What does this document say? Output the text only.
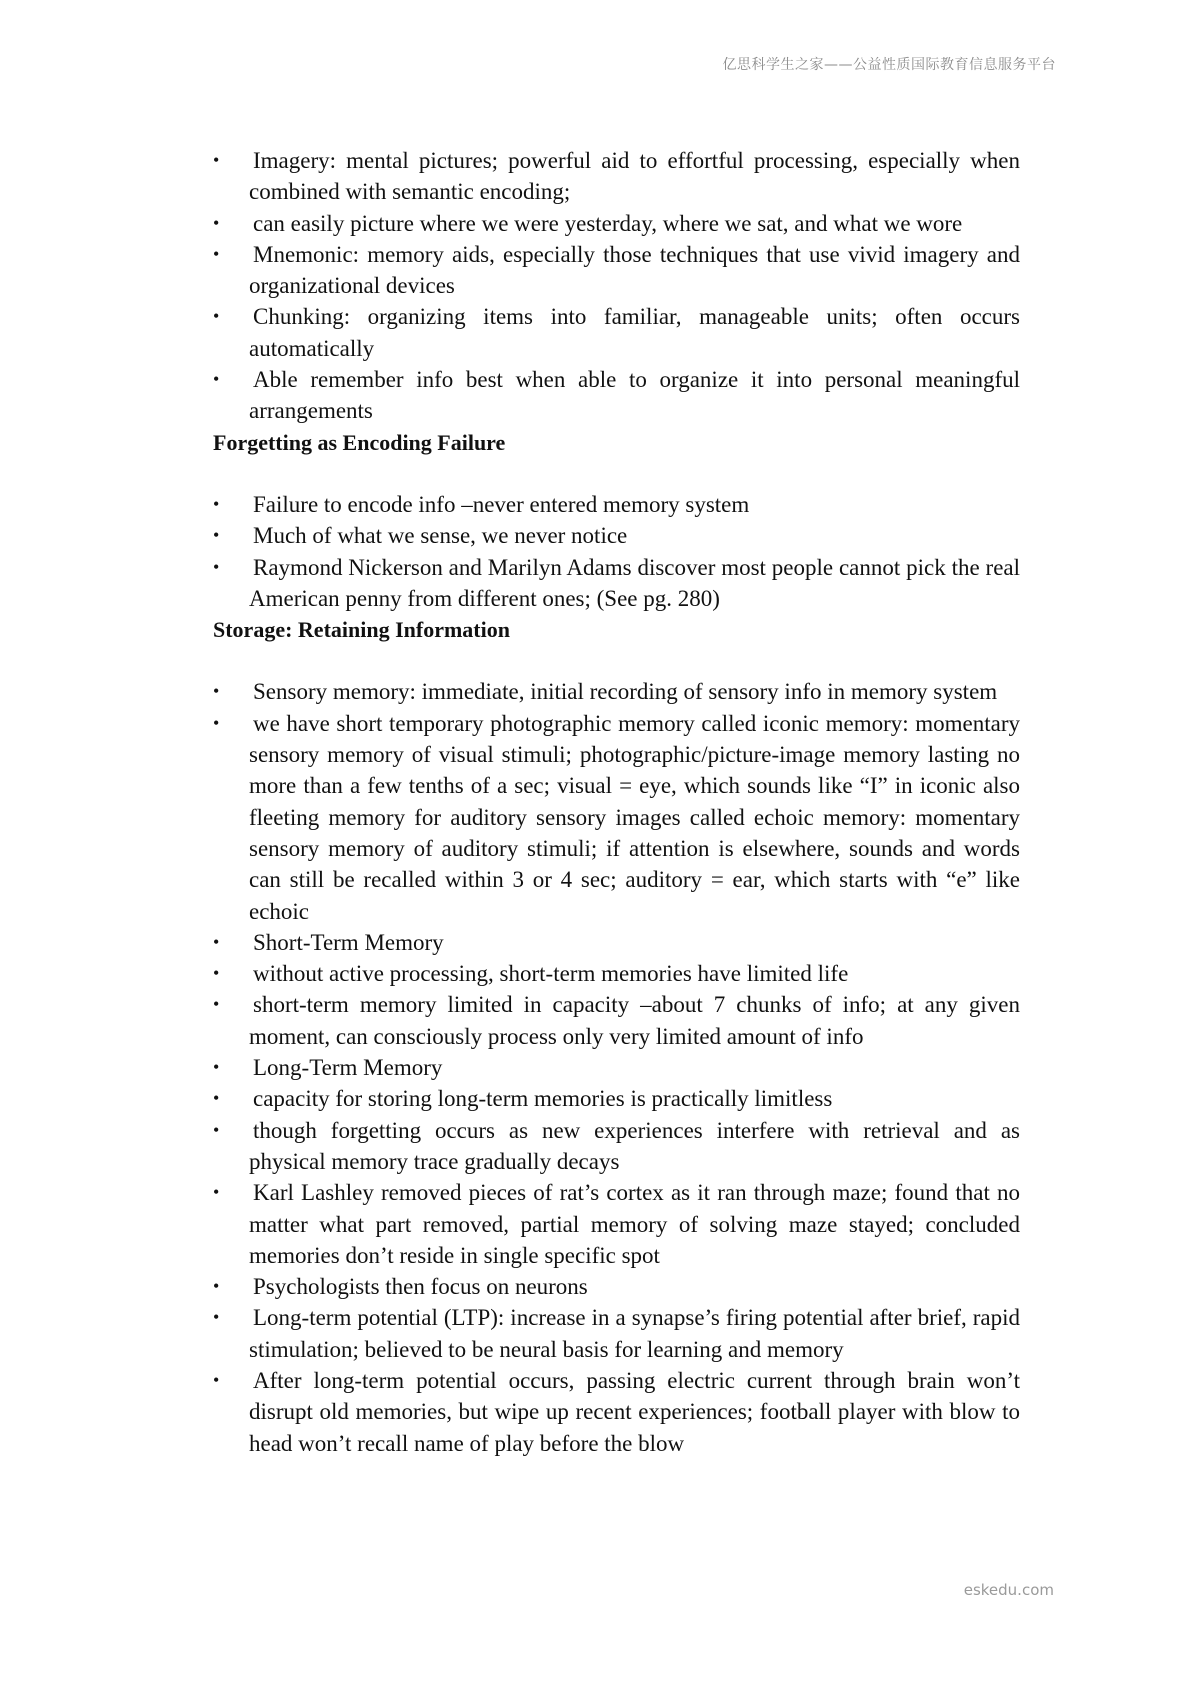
亿思科学生之家——公益性质国际教育信息服务平台
• Imagery: mental pictures; powerful aid to effortful processing, especially when combined with semantic encoding;
• can easily picture where we were yesterday, where we sat, and what we wore
• Mnemonic: memory aids, especially those techniques that use vivid imagery and organizational devices
• Chunking: organizing items into familiar, manageable units; often occurs automatically
• Able remember info best when able to organize it into personal meaningful arrangements
Forgetting as Encoding Failure
• Failure to encode info –never entered memory system
• Much of what we sense, we never notice
• Raymond Nickerson and Marilyn Adams discover most people cannot pick the real American penny from different ones; (See pg. 280)
Storage: Retaining Information
• Sensory memory: immediate, initial recording of sensory info in memory system
• we have short temporary photographic memory called iconic memory: momentary sensory memory of visual stimuli; photographic/picture-image memory lasting no more than a few tenths of a sec; visual = eye, which sounds like “I” in iconic also fleeting memory for auditory sensory images called echoic memory: momentary sensory memory of auditory stimuli; if attention is elsewhere, sounds and words can still be recalled within 3 or 4 sec; auditory = ear, which starts with “e” like echoic
• Short-Term Memory
• without active processing, short-term memories have limited life
• short-term memory limited in capacity –about 7 chunks of info; at any given moment, can consciously process only very limited amount of info
• Long-Term Memory
• capacity for storing long-term memories is practically limitless
• though forgetting occurs as new experiences interfere with retrieval and as physical memory trace gradually decays
• Karl Lashley removed pieces of rat’s cortex as it ran through maze; found that no matter what part removed, partial memory of solving maze stayed; concluded memories don’t reside in single specific spot
• Psychologists then focus on neurons
• Long-term potential (LTP): increase in a synapse’s firing potential after brief, rapid stimulation; believed to be neural basis for learning and memory
• After long-term potential occurs, passing electric current through brain won’t disrupt old memories, but wipe up recent experiences; football player with blow to head won’t recall name of play before the blow
eskedu.com
